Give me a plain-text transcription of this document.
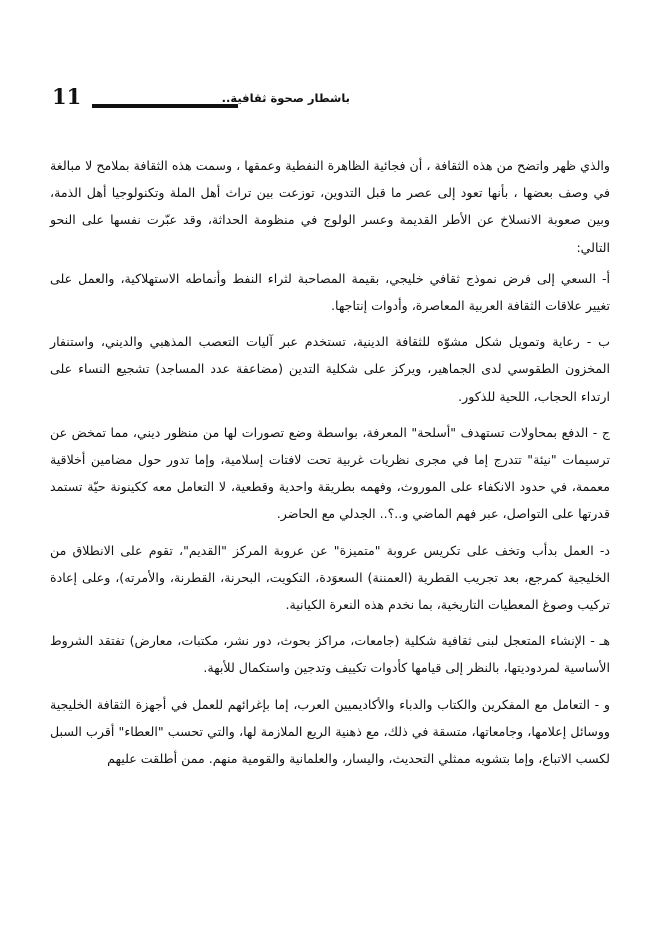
11	باشطار صحوة ثقافية..

والذي ظهر واتضح من هذه الثقافة ، أن فجائية الظاهرة النفطية وعمقها ، وسمت هذه الثقافة بملامح لا مبالغة في وصف بعضها ، بأنها تعود إلى عصر ما قبل التدوين، توزعت بين تراث أهل الملة وتكنولوجيا أهل الذمة، وبين صعوبة الانسلاخ عن الأطر القديمة وعسر الولوج في منظومة الحداثة، وقد عبّرت نفسها على النحو التالي:

أ- السعي إلى فرض نموذج ثقافي خليجي، بقيمة المصاحبة لثراء النفط وأنماطه الاستهلاكية، والعمل على تغيير علاقات الثقافة العربية المعاصرة، وأدوات إنتاجها.

ب - رعاية وتمويل شكل مشوّه للثقافة الدينية، تستخدم عبر آليات التعصب المذهبي والديني، واستنفار المخزون الطقوسي لدى الجماهير، ويركز على شكلية التدين (مضاعفة عدد المساجد) تشجيع النساء على ارتداء الحجاب، اللحية للذكور.

ج - الدفع بمحاولات تستهدف "أسلحة" المعرفة، بواسطة وضع تصورات لها من منظور ديني، مما تمخض عن ترسيمات "نيئة" تتدرج إما في مجرى نظريات غربية تحت لافتات إسلامية، وإما تدور حول مضامين أخلاقية معممة، في حدود الانكفاء على الموروث، وفهمه بطريقة واحدية وقطعية، لا التعامل معه ككينونة حيّة تستمد قدرتها على التواصل، عبر فهم الماضي و..؟.. الجدلي مع الحاضر.

د- العمل بدأب وتخف على تكريس عروبة "متميزة" عن عروبة المركز "القديم"، تقوم على الانطلاق من الخليجية كمرجع، بعد تجريب القطرية (العمننة) السعوَدة، التكويت، البحرنة، القطرنة، والأمرته)، وعلى إعادة تركيب وصوغ المعطيات التاريخية، بما نخدم هذه النعرة الكيانية.

هـ - الإنشاء المتعجل لبنى ثقافية شكلية (جامعات، مراكز بحوث، دور نشر، مكتبات، معارض) تفتقد الشروط الأساسية لمردوديتها، بالنظر إلى قيامها كأدوات تكييف وتدجين واستكمال للأبهة.

و - التعامل مع المفكرين والكتاب والدباء والأكاديميين العرب، إما بإغرائهم للعمل في أجهزة الثقافة الخليجية ووسائل إعلامها، وجامعاتها، متسقة في ذلك، مع ذهنية الريع الملازمة لها، والتي تحسب "العطاء" أقرب السبل لكسب الاتباع، وإما بتشويه ممثلي التحديث، واليسار، والعلمانية والقومية منهم. ممن أطلقت عليهم
